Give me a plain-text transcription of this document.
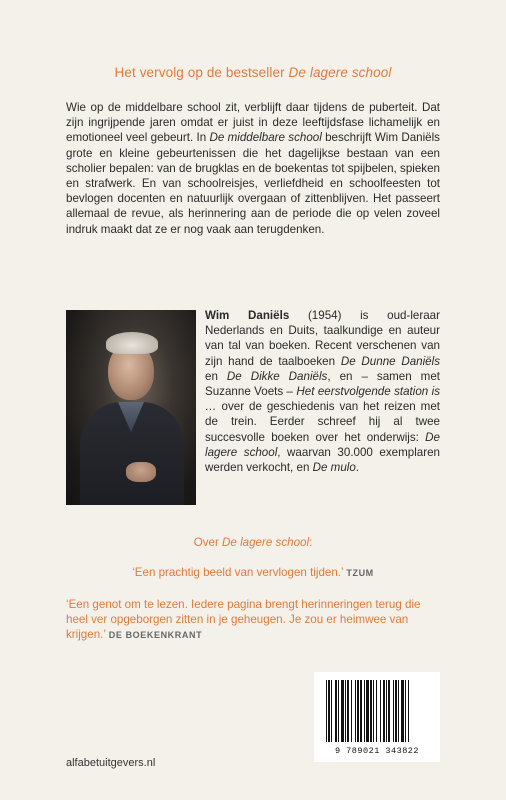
Het vervolg op de bestseller De lagere school

Wie op de middelbare school zit, verblijft daar tijdens de puberteit. Dat zijn ingrijpende jaren omdat er juist in deze leeftijdsfase lichamelijk en emotioneel veel gebeurt. In De middelbare school beschrijft Wim Daniëls grote en kleine gebeurtenissen die het dagelijkse bestaan van een scholier bepalen: van de brugklas en de boekentas tot spijbelen, spieken en strafwerk. En van schoolreisjes, verliefdheid en schoolfeesten tot bevlogen docenten en natuurlijk overgaan of zittenblijven. Het passeert allemaal de revue, als herinnering aan de periode die op velen zoveel indruk maakt dat ze er nog vaak aan terugdenken.

Wim Daniëls (1954) is oud-leraar Nederlands en Duits, taalkundige en auteur van tal van boeken. Recent verschenen van zijn hand de taalboeken De Dunne Daniëls en De Dikke Daniëls, en – samen met Suzanne Voets – Het eerstvolgende station is … over de geschiedenis van het reizen met de trein. Eerder schreef hij al twee succesvolle boeken over het onderwijs: De lagere school, waarvan 30.000 exemplaren werden verkocht, en De mulo.

Over De lagere school:
‘Een prachtig beeld van vervlogen tijden.’ TZUM
‘Een genot om te lezen. Iedere pagina brengt herinneringen terug die heel ver opgeborgen zitten in je geheugen. Je zou er heimwee van krijgen.’ DE BOEKENKRANT
alfabetuitgevers.nl
9 789021 343822
